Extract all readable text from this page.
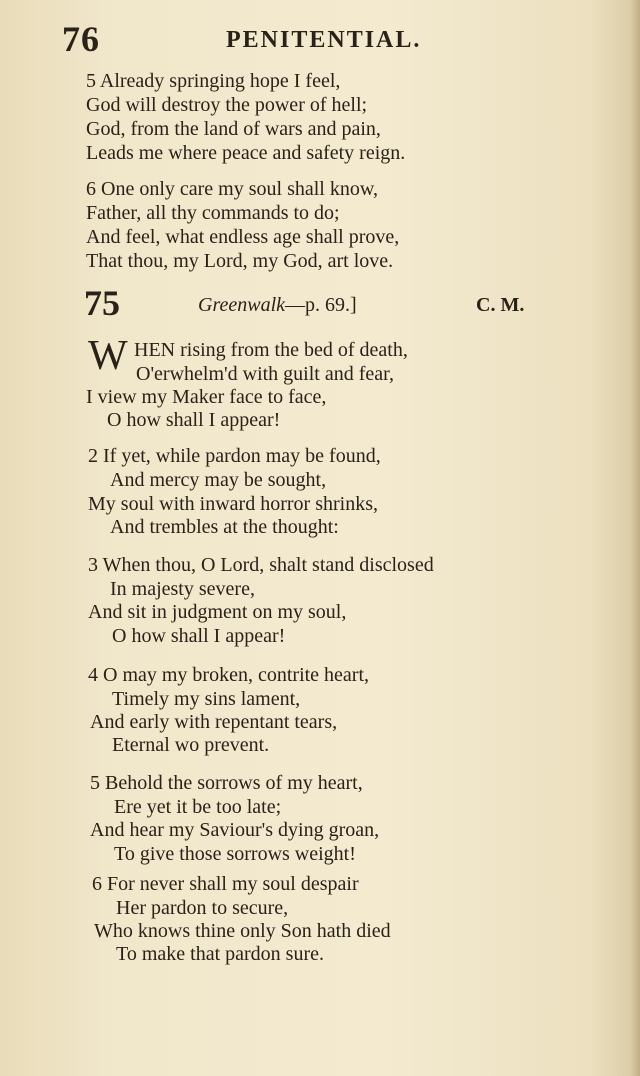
76	PENITENTIAL.
5 Already springing hope I feel,
God will destroy the power of hell;
God, from the land of wars and pain,
Leads me where peace and safety reign.
6 One only care my soul shall know,
Father, all thy commands to do;
And feel, what endless age shall prove,
That thou, my Lord, my God, art love.
75	Greenwalk—p. 69.]	C. M.
W HEN rising from the bed of death,
O'erwhelm'd with guilt and fear,
I view my Maker face to face,
O how shall I appear!
2 If yet, while pardon may be found,
And mercy may be sought,
My soul with inward horror shrinks,
And trembles at the thought:
3 When thou, O Lord, shalt stand disclosed
In majesty severe,
And sit in judgment on my soul,
O how shall I appear!
4 O may my broken, contrite heart,
Timely my sins lament,
And early with repentant tears,
Eternal wo prevent.
5 Behold the sorrows of my heart,
Ere yet it be too late;
And hear my Saviour's dying groan,
To give those sorrows weight!
6 For never shall my soul despair
Her pardon to secure,
Who knows thine only Son hath died
To make that pardon sure.
